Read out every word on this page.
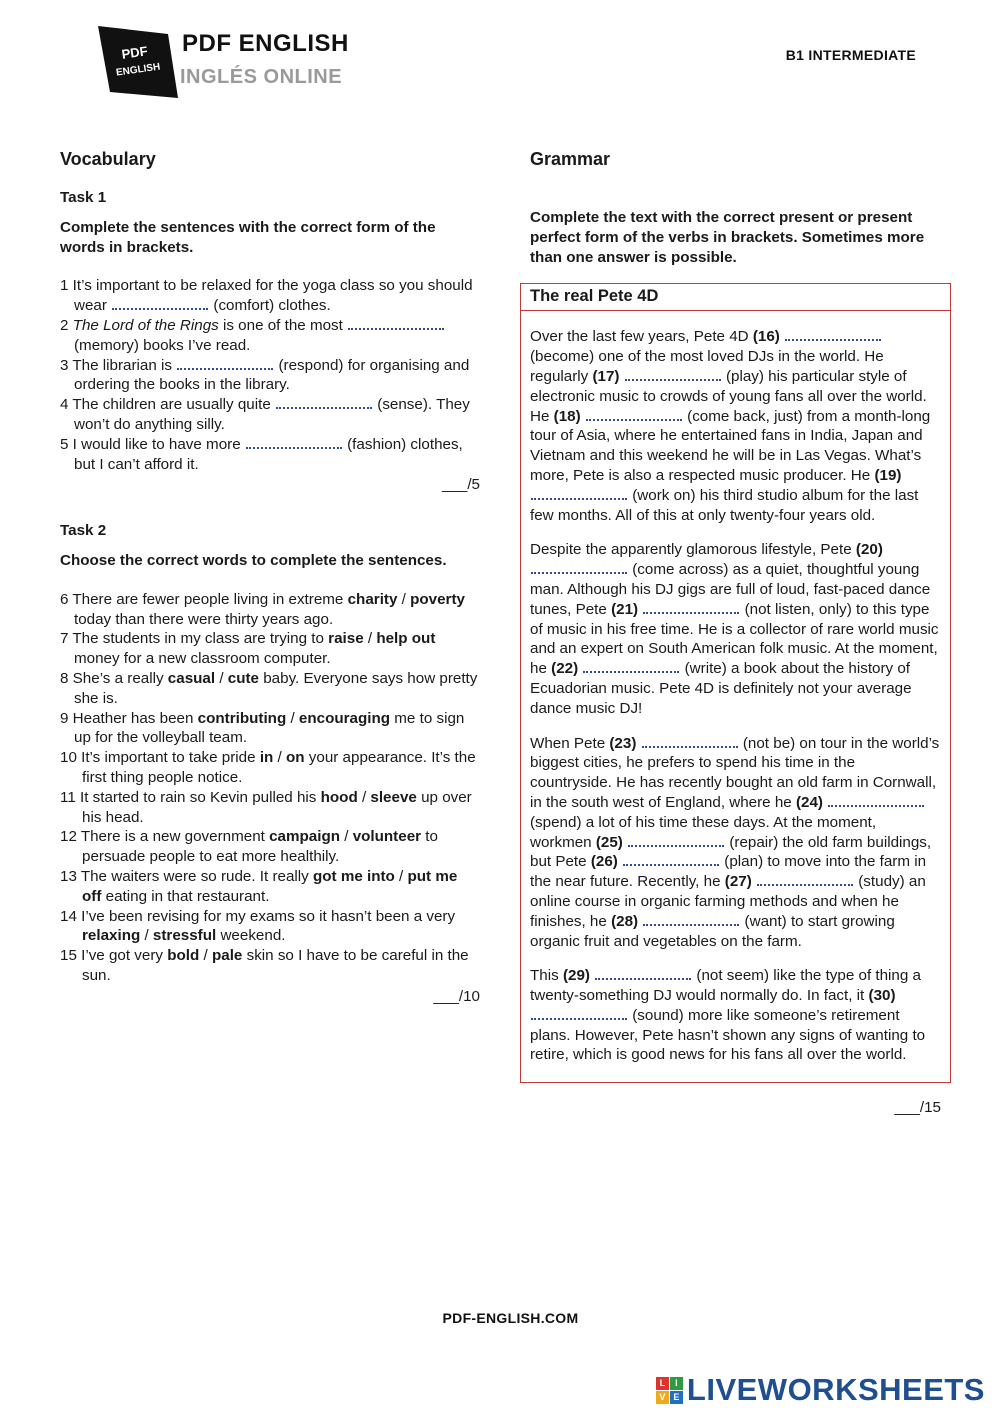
PDF
ENGLISH
PDF ENGLISH
INGLÉS ONLINE
B1 INTERMEDIATE
Vocabulary

Task 1

Complete the sentences with the correct form of the words in brackets.

1 It’s important to be relaxed for the yoga class so you should wear	(comfort) clothes.
2 The Lord of the Rings is one of the most  (memory) books I’ve read.
3 The librarian is	(respond) for organising and ordering the books in the library.
4 The children are usually quite	(sense). They won’t do anything silly.
5 I would like to have more	(fashion) clothes, but I can’t afford it.

___/5

Task 2

Choose the correct words to complete the sentences.

6 There are fewer people living in extreme charity / poverty today than there were thirty years ago.
7 The students in my class are trying to raise / help out money for a new classroom computer.
8 She’s a really casual / cute baby. Everyone says how pretty she is.
9 Heather has been contributing / encouraging me to sign up for the volleyball team.
10 It’s important to take pride in / on your appearance. It’s the first thing people notice.
11 It started to rain so Kevin pulled his hood / sleeve up over his head.
12 There is a new government campaign / volunteer to persuade people to eat more healthily.
13 The waiters were so rude. It really got me into / put me off eating in that restaurant.
14 I’ve been revising for my exams so it hasn’t been a very relaxing / stressful weekend.
15 I’ve got very bold / pale skin so I have to be careful in the sun.

___/10

Grammar

Complete the text with the correct present or present perfect form of the verbs in brackets. Sometimes more than one answer is possible.

The real Pete 4D

Over the last few years, Pete 4D (16)  (become) one of the most loved DJs in the world. He regularly (17)	(play) his particular style of electronic music to crowds of young fans all over the world. He (18)	(come back, just) from a month-long tour of Asia, where he entertained fans in India, Japan and Vietnam and this weekend he will be in Las Vegas. What’s more, Pete is also a respected music producer. He (19)  (work on) his third studio album for the last few months. All of this at only twenty-four years old.

Despite the apparently glamorous lifestyle, Pete (20)  (come across) as a quiet, thoughtful young man. Although his DJ gigs are full of loud, fast-paced dance tunes, Pete (21)	(not listen, only) to this type of music in his free time. He is a collector of rare world music and an expert on South American folk music. At the moment, he (22)	(write) a book about the history of Ecuadorian music. Pete 4D is definitely not your average dance music DJ!

When Pete (23)	(not be) on tour in the world’s biggest cities, he prefers to spend his time in the countryside. He has recently bought an old farm in Cornwall, in the south west of England, where he (24)  (spend) a lot of his time these days. At the moment, workmen (25)	(repair) the old farm buildings, but Pete (26)	(plan) to move into the farm in the near future. Recently, he (27)	(study) an online course in organic farming methods and when he finishes, he (28)	(want) to start growing organic fruit and vegetables on the farm.

This (29)	(not seem) like the type of thing a twenty-something DJ would normally do. In fact, it (30)  (sound) more like someone’s retirement plans. However, Pete hasn’t shown any signs of wanting to retire, which is good news for his fans all over the world.

___/15

PDF-ENGLISH.COM
L	I
V E LIVEWORKSHEETS
